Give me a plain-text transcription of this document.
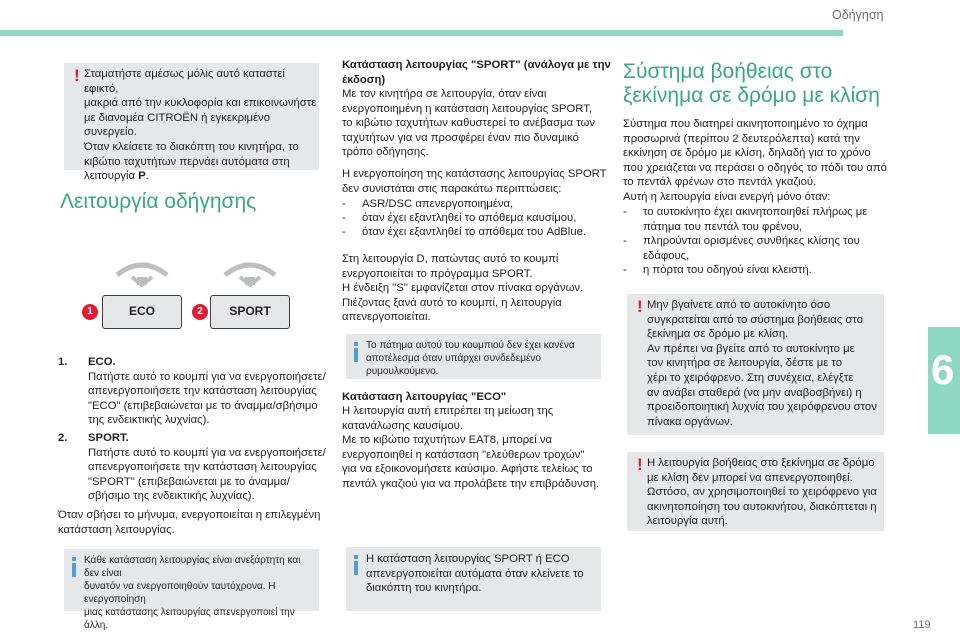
Οδήγηση
6
119
! Σταματήστε αμέσως μόλις αυτό καταστεί εφικτό,
μακριά από την κυκλοφορία και επικοινωνήστε
με διανομέα CITROËN ή εγκεκριμένο
συνεργείο.
Όταν κλείσετε το διακόπτη του κινητήρα, το
κιβώτιο ταχυτήτων περνάει αυτόματα στη
λειτουργία P.
Λειτουργία οδήγησης
1	ECO	2	SPORT
1. ECO.
Πατήστε αυτό το κουμπί για να ενεργοποιήσετε/
απενεργοποιήσετε την κατάσταση λειτουργίας
"ECO" (επιβεβαιώνεται με το άναμμα/σβήσιμο
της ενδεικτικής λυχνίας).
2. SPORT.
Πατήστε αυτό το κουμπί για να ενεργοποιήσετε/
απενεργοποιήσετε την κατάσταση λειτουργίας
"SPORT" (επιβεβαιώνεται με το άναμμα/
σβήσιμο της ενδεικτικής λυχνίας).
Όταν σβήσει το μήνυμα, ενεργοποιείται η επιλεγμένη
κατάσταση λειτουργίας.
Κάθε κατάσταση λειτουργίας είναι ανεξάρτητη και δεν είναι
δυνατόν να ενεργοποιηθούν ταυτόχρονα. Η ενεργοποίηση
μιας κατάστασης λειτουργίας απενεργοποιεί την άλλη.
Κατάσταση λειτουργίας "SPORT" (ανάλογα με την
έκδοση)
Με τον κινητήρα σε λειτουργία, όταν είναι
ενεργοποιημένη η κατάσταση λειτουργίας SPORT,
το κιβώτιο ταχυτήτων καθυστερεί το ανέβασμα των
ταχυτήτων για να προσφέρει έναν πιο δυναμικό
τρόπο οδήγησης.
Η ενεργοποίηση της κατάστασης λειτουργίας SPORT
δεν συνιστάται στις παρακάτω περιπτώσεις:
- ASR/DSC απενεργοποιημένα,
- όταν έχει εξαντληθεί το απόθεμα καυσίμου,
- όταν έχει εξαντληθεί το απόθεμα του AdBlue.
Στη λειτουργία D, πατώντας αυτό το κουμπί
ενεργοποιείται το πρόγραμμα SPORT.
Η ένδειξη "S" εμφανίζεται στον πίνακα οργάνων.
Πιέζοντας ξανά αυτό το κουμπί, η λειτουργία
απενεργοποιείται.
Το πάτημα αυτού του κουμπιού δεν έχει κανένα
αποτέλεσμα όταν υπάρχει συνδεδεμένο ρυμουλκούμενο.
Κατάσταση λειτουργίας "ECO"
Η λειτουργία αυτή επιτρέπει τη μείωση της
κατανάλωσης καυσίμου.
Με το κιβώτιο ταχυτήτων EAT8, μπορεί να
ενεργοποιηθεί η κατάσταση "ελεύθερων τροχών"
για να εξοικονομήσετε καύσιμο. Αφήστε τελείως το
πεντάλ γκαζιού για να προλάβετε την επιβράδυνση.
Η κατάσταση λειτουργίας SPORT ή ECO
απενεργοποιείται αυτόματα όταν κλείνετε το
διακόπτη του κινητήρα.
Σύστημα βοήθειας στο
ξεκίνημα σε δρόμο με κλίση
Σύστημα που διατηρεί ακινητοποιημένο το όχημα
προσωρινά (περίπου 2 δευτερόλεπτα) κατά την
εκκίνηση σε δρόμο με κλίση, δηλαδή για το χρόνο
που χρειάζεται να περάσει ο οδηγός το πόδι του από
το πεντάλ φρένων στο πεντάλ γκαζιού.
Αυτή η λειτουργία είναι ενεργή μόνο όταν:
- το αυτοκίνητο έχει ακινητοποιηθεί πλήρως με
πάτημα του πεντάλ του φρένου,
- πληρούνται ορισμένες συνθήκες κλίσης του
εδάφους,
- η πόρτα του οδηγού είναι κλειστή.
! Μην βγαίνετε από το αυτοκίνητο όσο
συγκρατείται από το σύστημα βοήθειας στο
ξεκίνημα σε δρόμο με κλίση.
Αν πρέπει να βγείτε από το αυτοκίνητο με
τον κινητήρα σε λειτουργία, δέστε με το
χέρι το χειρόφρενο. Στη συνέχεια, ελέγξτε
αν ανάβει σταθερά (να μην αναβοσβήνει) η
προειδοποιητική λυχνία του χειρόφρενου στον
πίνακα οργάνων.
! Η λειτουργία βοήθειας στο ξεκίνημα σε δρόμο
με κλίση δεν μπορεί να απενεργοποιηθεί.
Ωστόσο, αν χρησιμοποιηθεί το χειρόφρενο για
ακινητοποίηση του αυτοκινήτου, διακόπτεται η
λειτουργία αυτή.
